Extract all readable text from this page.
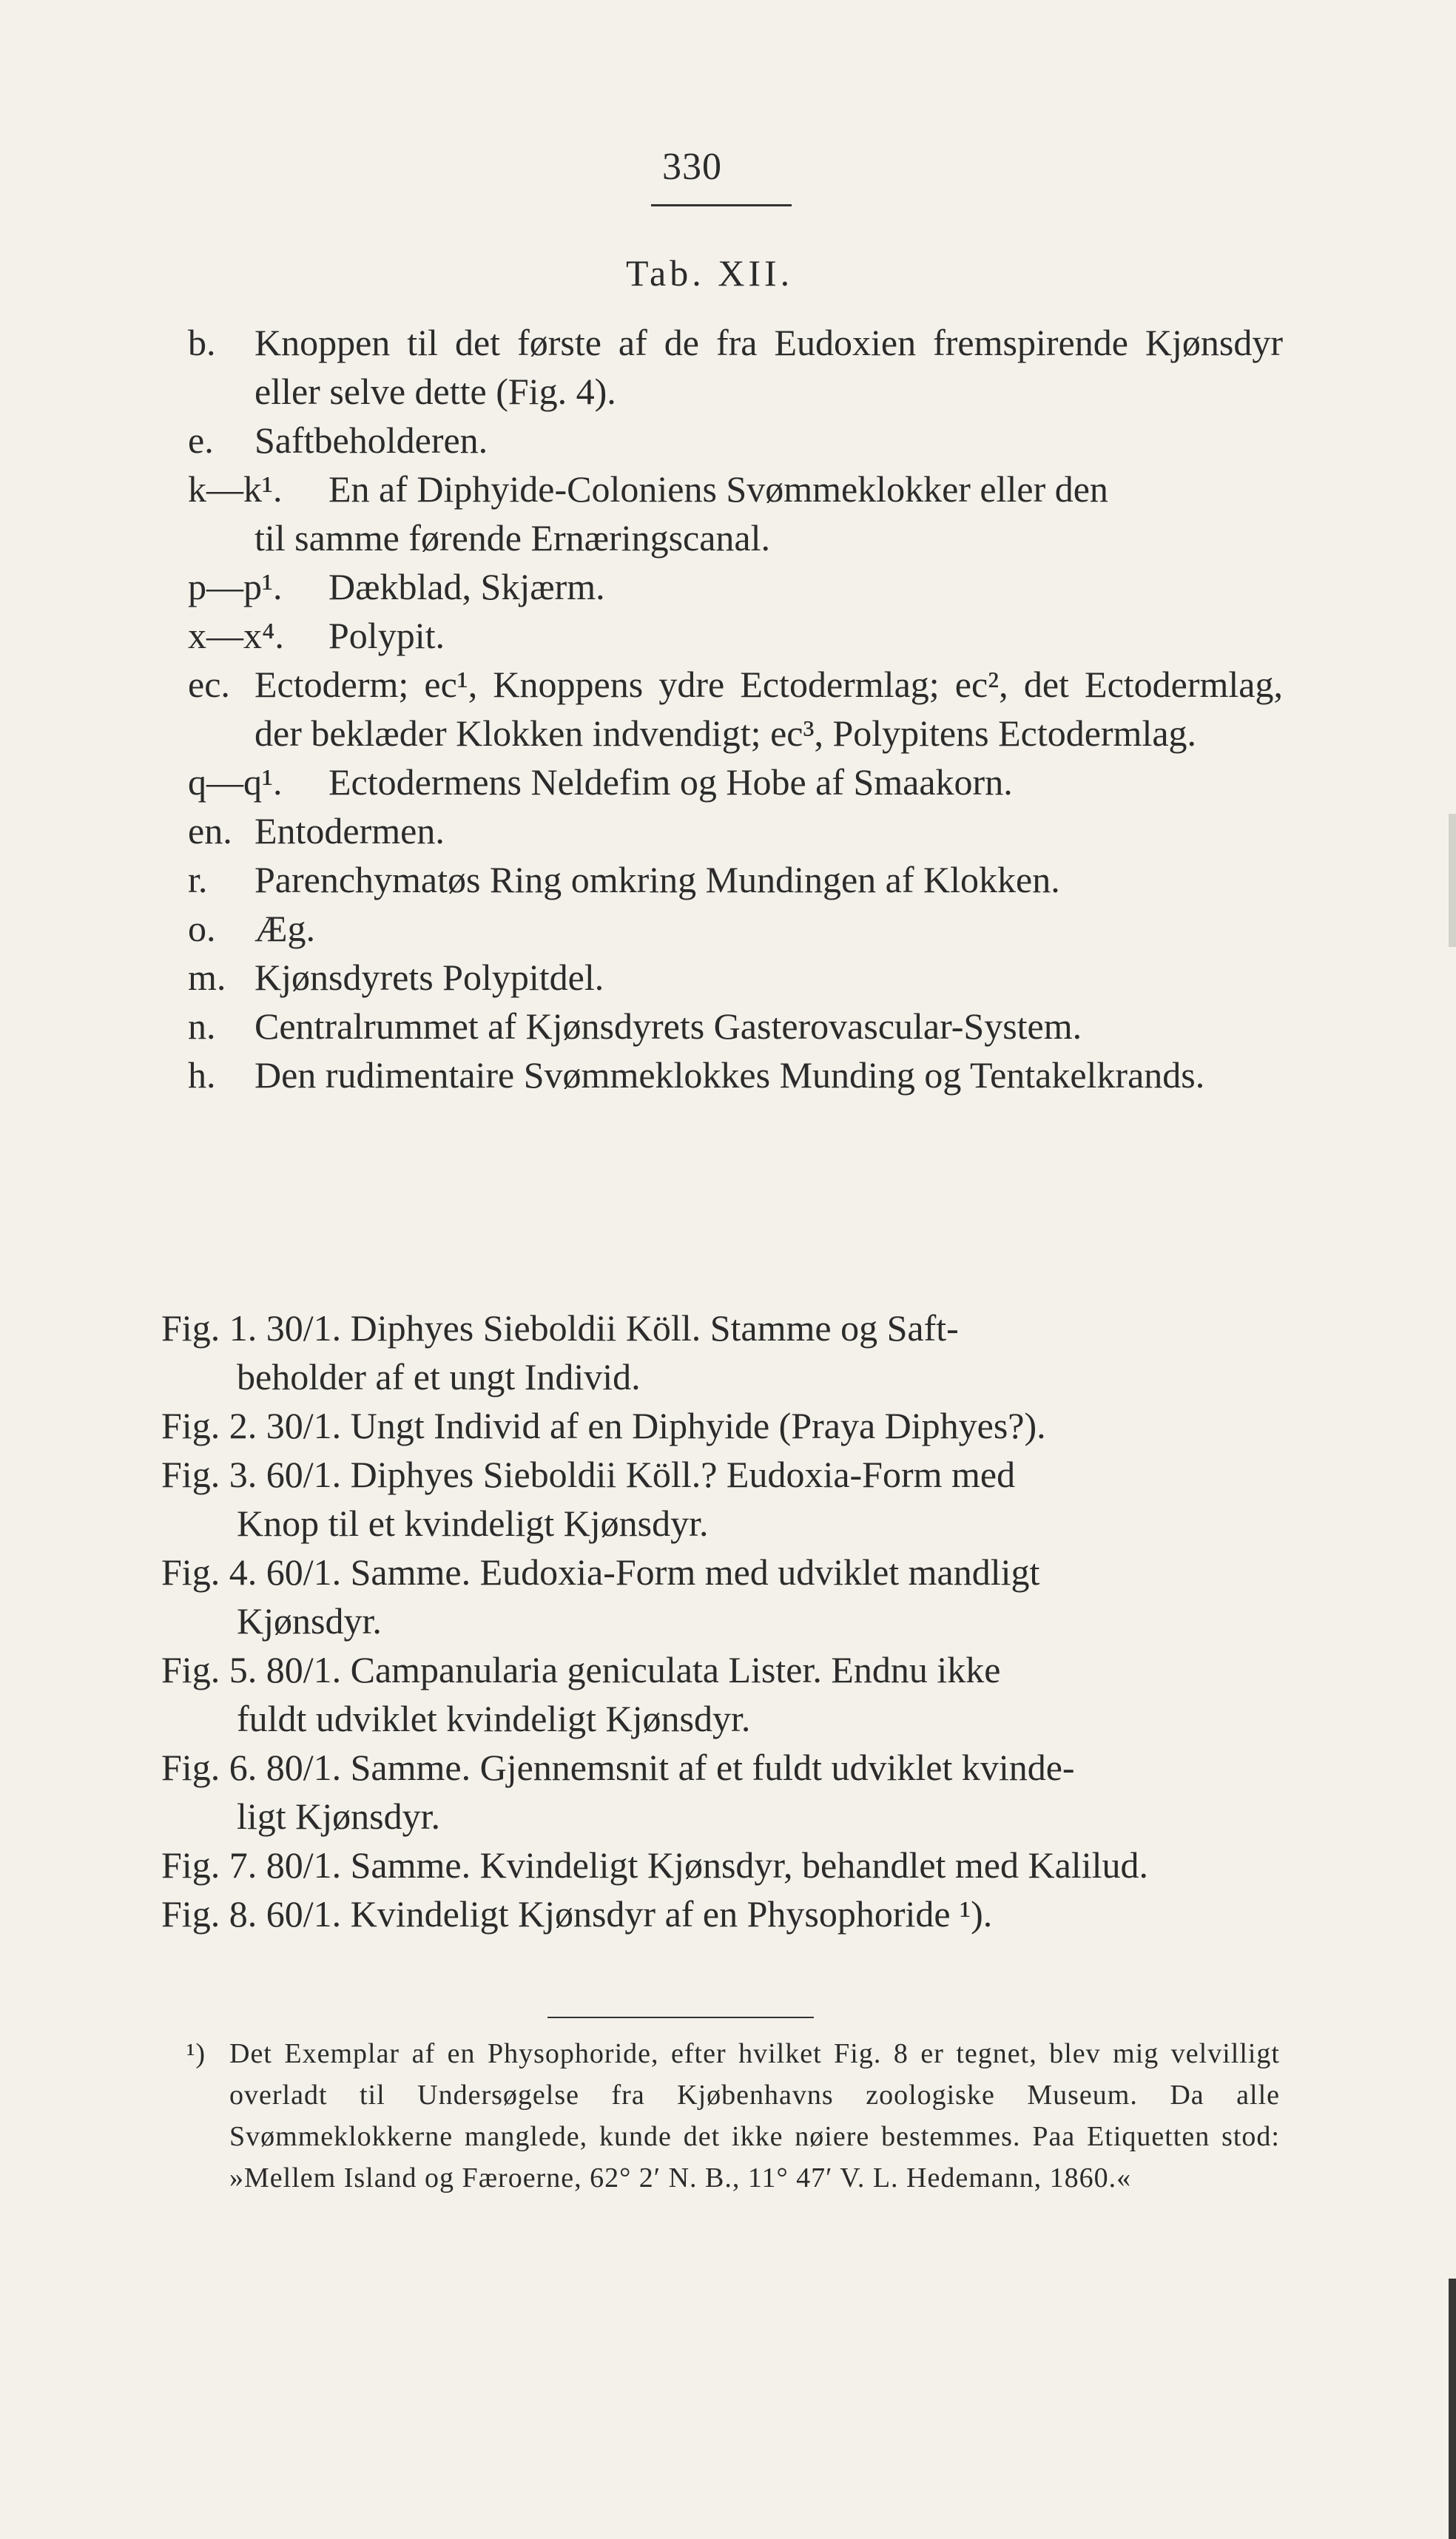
330
Tab. XII.
b. Knoppen til det første af de fra Eudoxien fremspirende Kjønsdyr eller selve dette (Fig. 4).
e. Saftbeholderen.
k—k¹. En af Diphyide-Coloniens Svømmeklokker eller den
til samme førende Ernæringscanal.
p—p¹. Dækblad, Skjærm.
x—x⁴. Polypit.
ec. Ectoderm; ec¹, Knoppens ydre Ectodermlag; ec², det Ectodermlag, der beklæder Klokken indvendigt; ec³, Polypitens Ectodermlag.
q—q¹. Ectodermens Neldefim og Hobe af Smaakorn.
en. Entodermen.
r. Parenchymatøs Ring omkring Mundingen af Klokken.
o. Æg.
m. Kjønsdyrets Polypitdel.
n. Centralrummet af Kjønsdyrets Gasterovascular-System.
h. Den rudimentaire Svømmeklokkes Munding og Tentakelkrands.
Fig. 1. 30/1. Diphyes Sieboldii Köll. Stamme og Saft-
beholder af et ungt Individ.
Fig. 2. 30/1. Ungt Individ af en Diphyide (Praya Diphyes?).
Fig. 3. 60/1. Diphyes Sieboldii Köll.? Eudoxia-Form med
Knop til et kvindeligt Kjønsdyr.
Fig. 4. 60/1. Samme. Eudoxia-Form med udviklet mandligt
Kjønsdyr.
Fig. 5. 80/1. Campanularia geniculata Lister. Endnu ikke
fuldt udviklet kvindeligt Kjønsdyr.
Fig. 6. 80/1. Samme. Gjennemsnit af et fuldt udviklet kvinde-
ligt Kjønsdyr.
Fig. 7. 80/1. Samme. Kvindeligt Kjønsdyr, behandlet med Kalilud.
Fig. 8. 60/1. Kvindeligt Kjønsdyr af en Physophoride ¹).
¹) Det Exemplar af en Physophoride, efter hvilket Fig. 8 er tegnet, blev mig velvilligt overladt til Undersøgelse fra Kjøbenhavns zoologiske Museum. Da alle Svømmeklokkerne manglede, kunde det ikke nøiere bestemmes. Paa Etiquetten stod: »Mellem Island og Færoerne, 62° 2′ N. B., 11° 47′ V. L. Hedemann, 1860.«
